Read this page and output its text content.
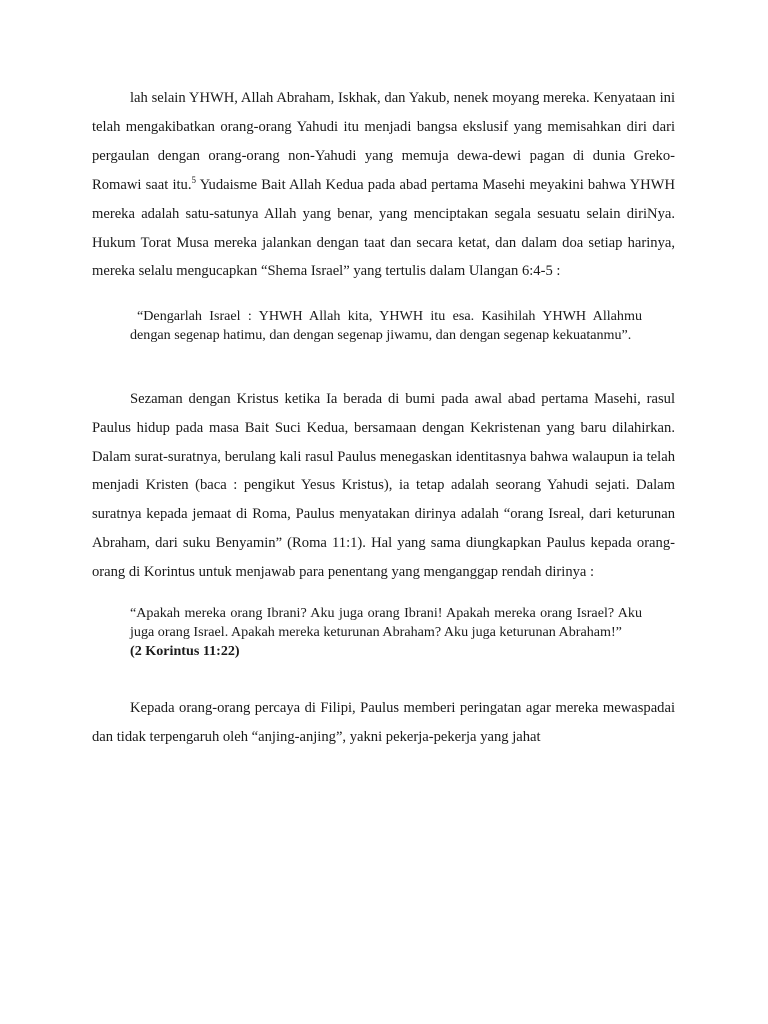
lah selain YHWH, Allah Abraham, Iskhak, dan Yakub, nenek moyang mereka. Kenyataan ini telah mengakibatkan orang-orang Yahudi itu menjadi bangsa ekslusif yang memisahkan diri dari pergaulan dengan orang-orang non-Yahudi yang memuja dewa-dewi pagan di dunia Greko-Romawi saat itu.$^5$ Yudaisme Bait Allah Kedua pada abad pertama Masehi meyakini bahwa YHWH mereka adalah satu-satunya Allah yang benar, yang menciptakan segala sesuatu selain diriNya. Hukum Torat Musa mereka jalankan dengan taat dan secara ketat, dan dalam doa setiap harinya, mereka selalu mengucapkan “Shema Israel” yang tertulis dalam Ulangan 6:4-5 :

“Dengarlah Israel : YHWH Allah kita, YHWH itu esa. Kasihilah YHWH Allahmu dengan segenap hatimu, dan dengan segenap jiwamu, dan dengan segenap kekuatanmu”.

Sezaman dengan Kristus ketika Ia berada di bumi pada awal abad pertama Masehi, rasul Paulus hidup pada masa Bait Suci Kedua, bersamaan dengan Kekristenan yang baru dilahirkan. Dalam surat-suratnya, berulang kali rasul Paulus menegaskan identitasnya bahwa walaupun ia telah menjadi Kristen (baca : pengikut Yesus Kristus), ia tetap adalah seorang Yahudi sejati. Dalam suratnya kepada jemaat di Roma, Paulus menyatakan dirinya adalah “orang Isreal, dari keturunan Abraham, dari suku Benyamin” (Roma 11:1). Hal yang sama diungkapkan Paulus kepada orang-orang di Korintus untuk menjawab para penentang yang menganggap rendah dirinya :

“Apakah mereka orang Ibrani? Aku juga orang Ibrani! Apakah mereka orang Israel? Aku juga orang Israel. Apakah mereka keturunan Abraham? Aku juga keturunan Abraham!”

(2 Korintus 11:22)

Kepada orang-orang percaya di Filipi, Paulus memberi peringatan agar mereka mewaspadai dan tidak terpengaruh oleh “anjing-anjing”, yakni pekerja-pekerja yang jahat
